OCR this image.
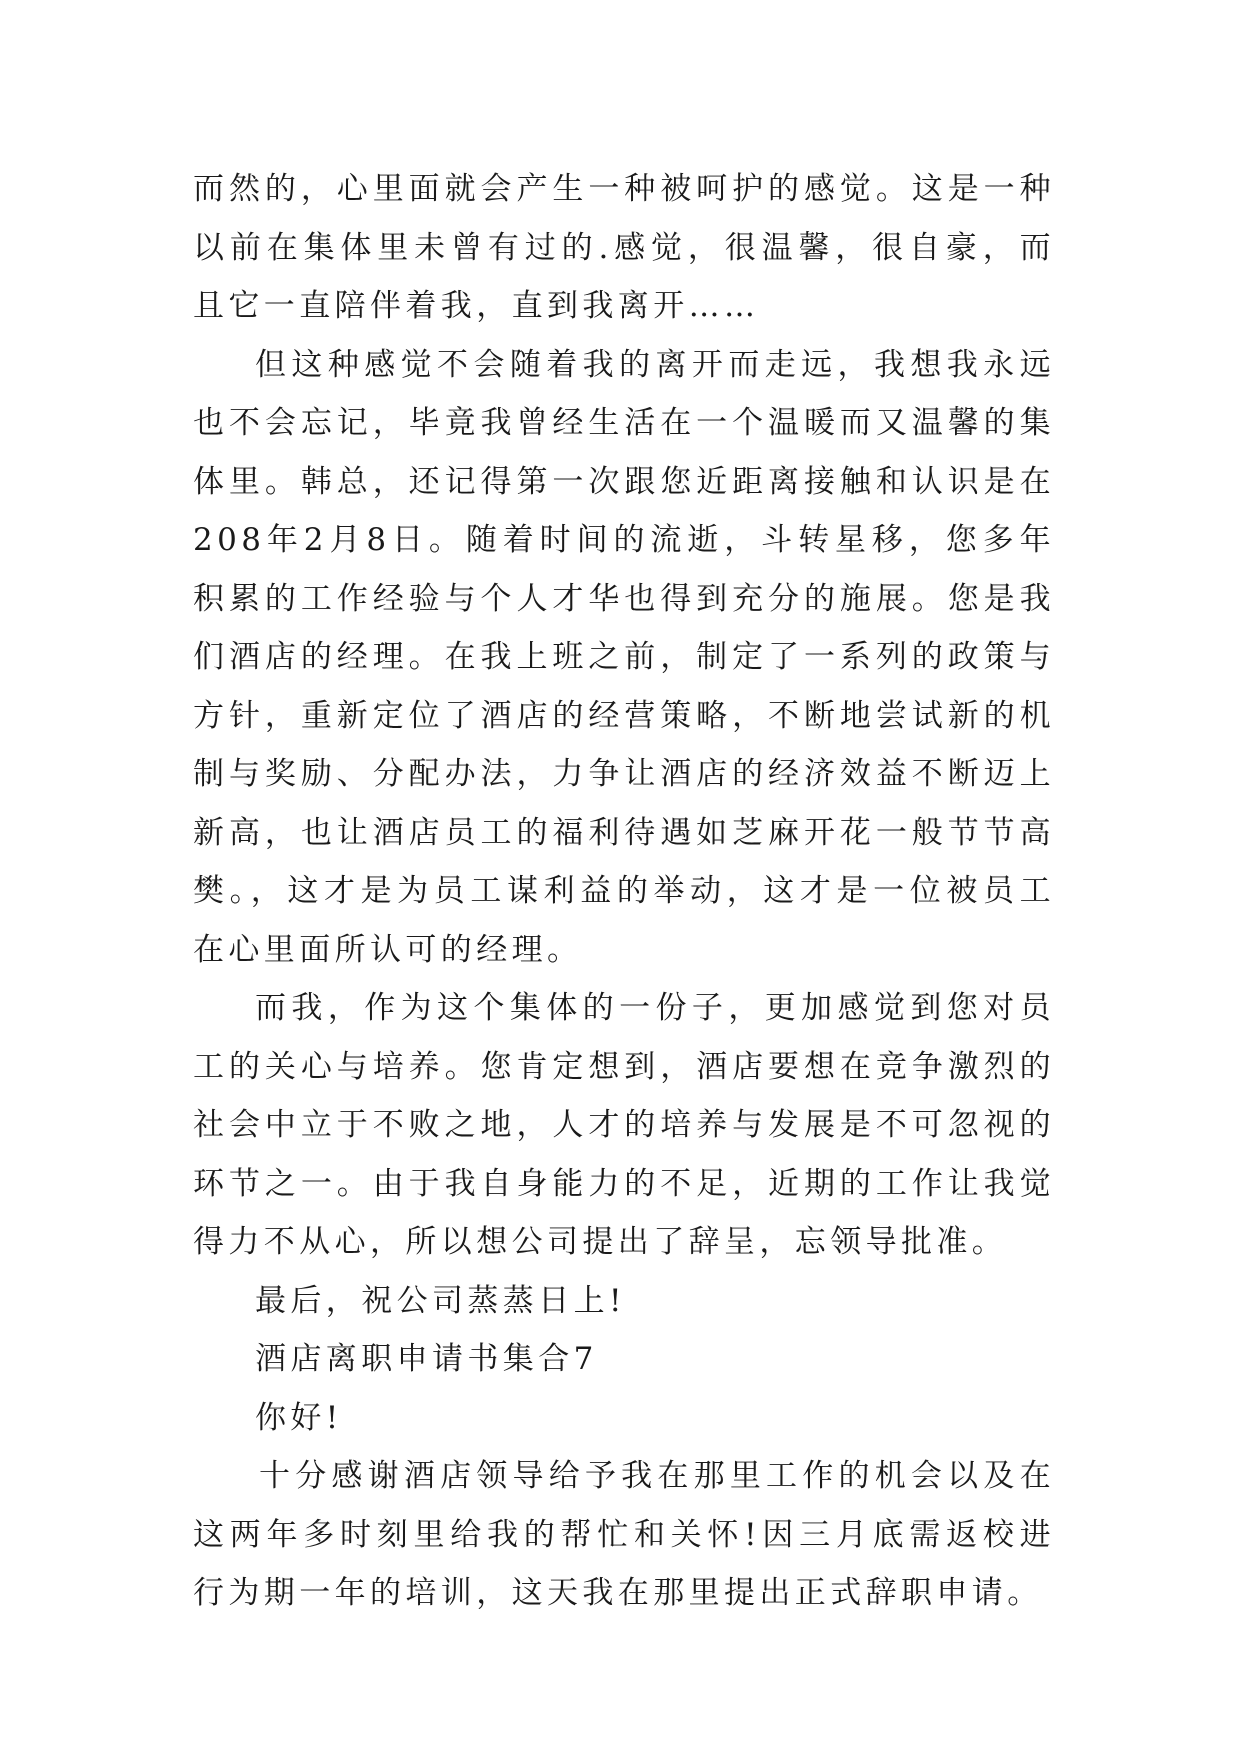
而然的，心里面就会产生一种被呵护的感觉。这是一种以前在集体里未曾有过的.感觉，很温馨，很自豪，而且它一直陪伴着我，直到我离开……

但这种感觉不会随着我的离开而走远，我想我永远也不会忘记，毕竟我曾经生活在一个温暖而又温馨的集体里。韩总，还记得第一次跟您近距离接触和认识是在208年2月8日。随着时间的流逝，斗转星移，您多年积累的工作经验与个人才华也得到充分的施展。您是我们酒店的经理。在我上班之前，制定了一系列的政策与方针，重新定位了酒店的经营策略，不断地尝试新的机制与奖励、分配办法，力争让酒店的经济效益不断迈上新高，也让酒店员工的福利待遇如芝麻开花一般节节高樊。，这才是为员工谋利益的举动，这才是一位被员工在心里面所认可的经理。

而我，作为这个集体的一份子，更加感觉到您对员工的关心与培养。您肯定想到，酒店要想在竞争激烈的社会中立于不败之地，人才的培养与发展是不可忽视的环节之一。由于我自身能力的不足，近期的工作让我觉得力不从心，所以想公司提出了辞呈，忘领导批准。

最后，祝公司蒸蒸日上!

酒店离职申请书集合7

你好!

十分感谢酒店领导给予我在那里工作的机会以及在这两年多时刻里给我的帮忙和关怀!因三月底需返校进行为期一年的培训，这天我在那里提出正式辞职申请。
